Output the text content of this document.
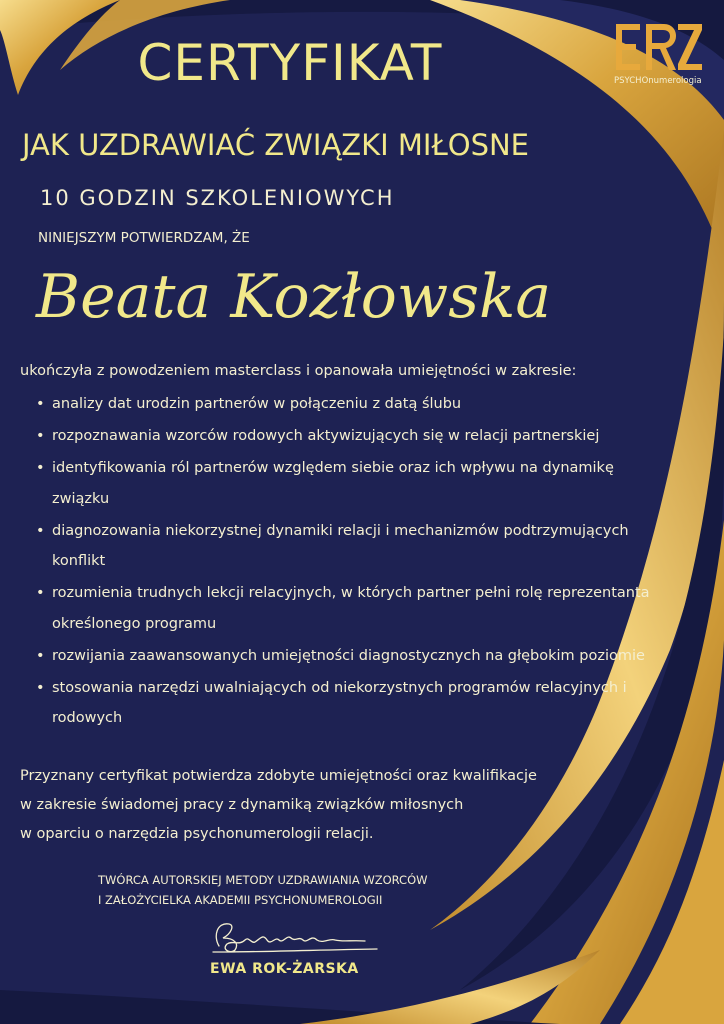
PSYCHOnumerologia

CERTYFIKAT

JAK UZDRAWIAĆ ZWIĄZKI MIŁOSNE

10 GODZIN SZKOLENIOWYCH

NINIEJSZYM POTWIERDZAM, ŻE

Beata Kozłowska

ukończyła z powodzeniem masterclass i opanowała umiejętności w zakresie:

• analizy dat urodzin partnerów w połączeniu z datą ślubu
• rozpoznawania wzorców rodowych aktywizujących się w relacji partnerskiej
• identyfikowania ról partnerów względem siebie oraz ich wpływu na dynamikę związku
• diagnozowania niekorzystnej dynamiki relacji i mechanizmów podtrzymujących konflikt
• rozumienia trudnych lekcji relacyjnych, w których partner pełni rolę reprezentanta określonego programu
• rozwijania zaawansowanych umiejętności diagnostycznych na głębokim poziomie
• stosowania narzędzi uwalniających od niekorzystnych programów relacyjnych i rodowych

Przyznany certyfikat potwierdza zdobyte umiejętności oraz kwalifikacje
w zakresie świadomej pracy z dynamiką związków miłosnych
w oparciu o narzędzia psychonumerologii relacji.

TWÓRCA AUTORSKIEJ METODY UZDRAWIANIA WZORCÓW
I ZAŁOŻYCIELKA AKADEMII PSYCHONUMEROLOGII

EWA ROK-ŻARSKA
